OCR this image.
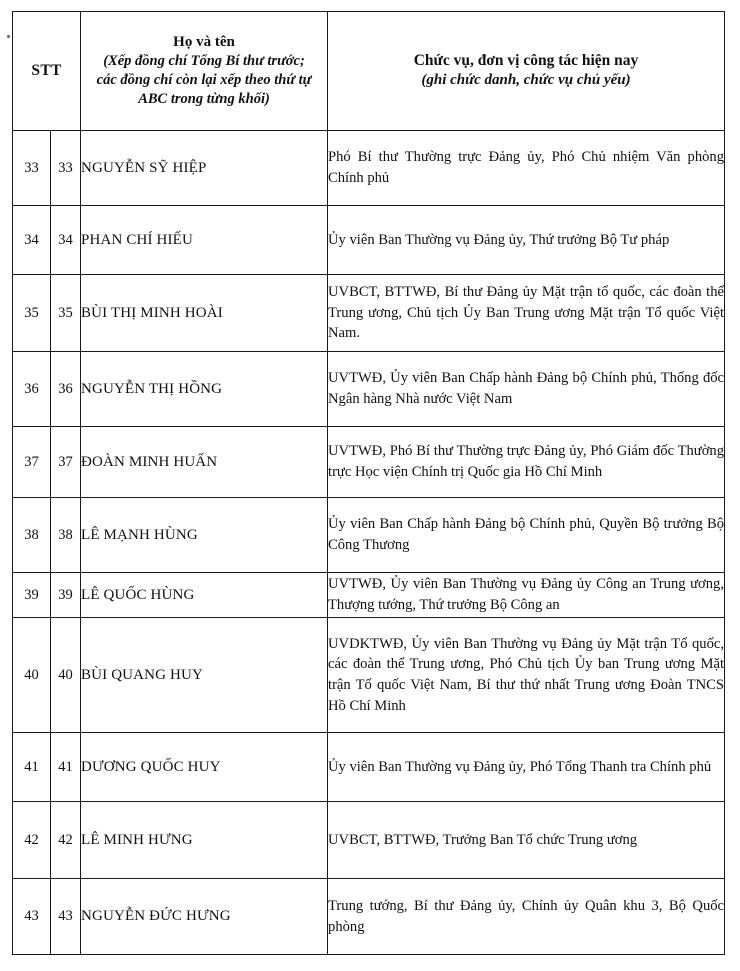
STT		Họ và tên
(Xếp đồng chí Tổng Bí thư trước;
các đồng chí còn lại xếp theo thứ tự
ABC trong từng khối)	Chức vụ, đơn vị công tác hiện nay
(ghi chức danh, chức vụ chủ yếu)

33	33	NGUYỄN SỸ HIỆP	Phó Bí thư Thường trực Đảng ủy, Phó Chủ nhiệm Văn phòng Chính phủ

34	34	PHAN CHÍ HIẾU	Ủy viên Ban Thường vụ Đảng ủy, Thứ trưởng Bộ Tư pháp

35	35	BÙI THỊ MINH HOÀI	UVBCT, BTTWĐ, Bí thư Đảng ủy Mặt trận tổ quốc, các đoàn thể Trung ương, Chủ tịch Ủy Ban Trung ương Mặt trận Tổ quốc Việt Nam.

36	36	NGUYỄN THỊ HỒNG	UVTWĐ, Ủy viên Ban Chấp hành Đảng bộ Chính phủ, Thống đốc Ngân hàng Nhà nước Việt Nam

37	37	ĐOÀN MINH HUẤN	UVTWĐ, Phó Bí thư Thường trực Đảng ủy, Phó Giám đốc Thường trực Học viện Chính trị Quốc gia Hồ Chí Minh

38	38	LÊ MẠNH HÙNG	Ủy viên Ban Chấp hành Đảng bộ Chính phủ, Quyền Bộ trưởng Bộ Công Thương

39	39	LÊ QUỐC HÙNG	UVTWĐ, Ủy viên Ban Thường vụ Đảng ủy Công an Trung ương, Thượng tướng, Thứ trưởng Bộ Công an

40	40	BÙI QUANG HUY	UVDKTWĐ, Ủy viên Ban Thường vụ Đảng ủy Mặt trận Tổ quốc, các đoàn thể Trung ương, Phó Chủ tịch Ủy ban Trung ương Mặt trận Tổ quốc Việt Nam, Bí thư thứ nhất Trung ương Đoàn TNCS Hồ Chí Minh

41	41	DƯƠNG QUỐC HUY	Ủy viên Ban Thường vụ Đảng ủy, Phó Tổng Thanh tra Chính phủ

42	42	LÊ MINH HƯNG	UVBCT, BTTWĐ, Trưởng Ban Tổ chức Trung ương

43	43	NGUYỄN ĐỨC HƯNG	Trung tướng, Bí thư Đảng ủy, Chính ủy Quân khu 3, Bộ Quốc phòng
